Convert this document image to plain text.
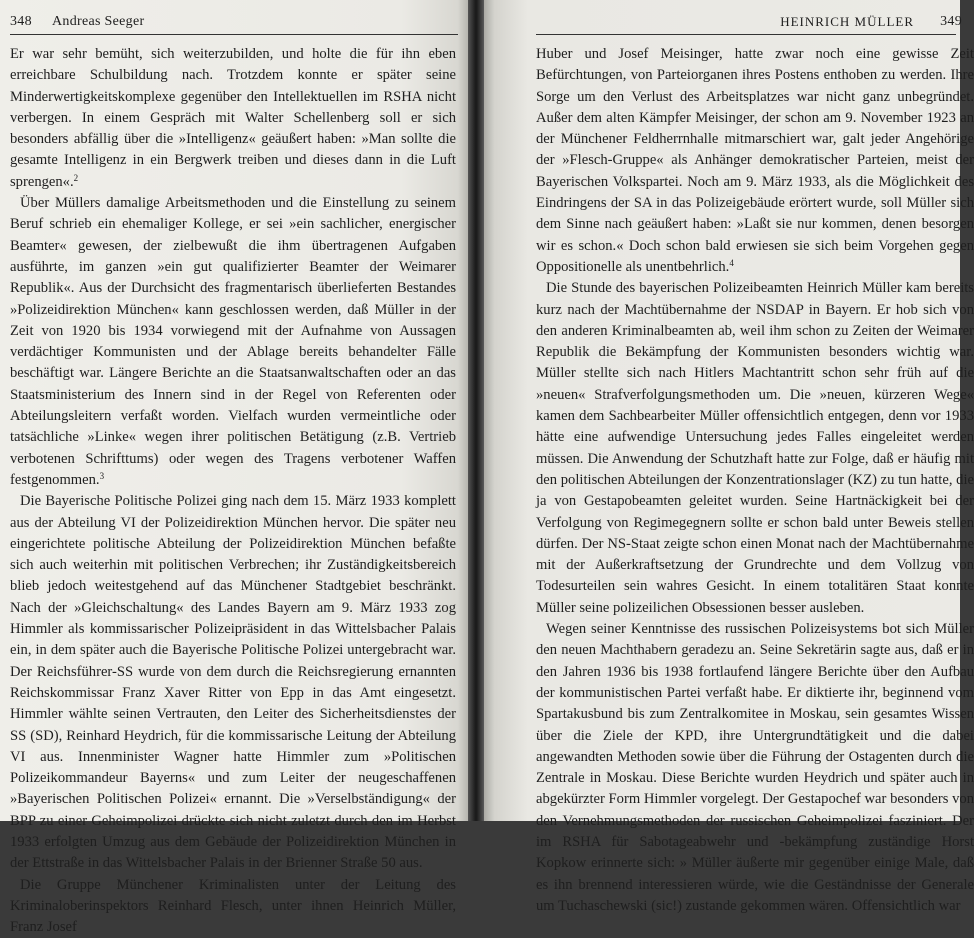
348 Andreas Seeger

Er war sehr bemüht, sich weiterzubilden, und holte die für ihn eben erreichbare Schulbildung nach. Trotzdem konnte er später seine Minderwertigkeitskomplexe gegenüber den Intellektuellen im RSHA nicht verbergen. In einem Gespräch mit Walter Schellenberg soll er sich besonders abfällig über die »Intelligenz« geäußert haben: »Man sollte die gesamte Intelligenz in ein Bergwerk treiben und dieses dann in die Luft sprengen«.$^2$

Über Müllers damalige Arbeitsmethoden und die Einstellung zu seinem Beruf schrieb ein ehemaliger Kollege, er sei »ein sachlicher, energischer Beamter« gewesen, der zielbewußt die ihm übertragenen Aufgaben ausführte, im ganzen »ein gut qualifizierter Beamter der Weimarer Republik«. Aus der Durchsicht des fragmentarisch überlieferten Bestandes »Polizeidirektion München« kann geschlossen werden, daß Müller in der Zeit von 1920 bis 1934 vorwiegend mit der Aufnahme von Aussagen verdächtiger Kommunisten und der Ablage bereits behandelter Fälle beschäftigt war. Längere Berichte an die Staatsanwaltschaften oder an das Staatsministerium des Innern sind in der Regel von Referenten oder Abteilungsleitern verfaßt worden. Vielfach wurden vermeintliche oder tatsächliche »Linke« wegen ihrer politischen Betätigung (z.B. Vertrieb verbotenen Schrifttums) oder wegen des Tragens verbotener Waffen festgenommen.$^3$

Die Bayerische Politische Polizei ging nach dem 15. März 1933 komplett aus der Abteilung VI der Polizeidirektion München hervor. Die später neu eingerichtete politische Abteilung der Polizeidirektion München befaßte sich auch weiterhin mit politischen Verbrechen; ihr Zuständigkeitsbereich blieb jedoch weitestgehend auf das Münchener Stadtgebiet beschränkt. Nach der »Gleichschaltung« des Landes Bayern am 9. März 1933 zog Himmler als kommissarischer Polizeipräsident in das Wittelsbacher Palais ein, in dem später auch die Bayerische Politische Polizei untergebracht war. Der Reichsführer-SS wurde von dem durch die Reichsregierung ernannten Reichskommissar Franz Xaver Ritter von Epp in das Amt eingesetzt. Himmler wählte seinen Vertrauten, den Leiter des Sicherheitsdienstes der SS (SD), Reinhard Heydrich, für die kommissarische Leitung der Abteilung VI aus. Innenminister Wagner hatte Himmler zum »Politischen Polizeikommandeur Bayerns« und zum Leiter der neugeschaffenen »Bayerischen Politischen Polizei« ernannt. Die »Verselbständigung« der BPP zu einer Geheimpolizei drückte sich nicht zuletzt durch den im Herbst 1933 erfolgten Umzug aus dem Gebäude der Polizeidirektion München in der Ettstraße in das Wittelsbacher Palais in der Brienner Straße 50 aus.

Die Gruppe Münchener Kriminalisten unter der Leitung des Kriminaloberinspektors Reinhard Flesch, unter ihnen Heinrich Müller, Franz Josef

HEINRICH MÜLLER 349

Huber und Josef Meisinger, hatte zwar noch eine gewisse Zeit Befürchtungen, von Parteiorganen ihres Postens enthoben zu werden. Ihre Sorge um den Verlust des Arbeitsplatzes war nicht ganz unbegründet. Außer dem alten Kämpfer Meisinger, der schon am 9. November 1923 an der Münchener Feldherrnhalle mitmarschiert war, galt jeder Angehörige der »Flesch-Gruppe« als Anhänger demokratischer Parteien, meist der Bayerischen Volkspartei. Noch am 9. März 1933, als die Möglichkeit des Eindringens der SA in das Polizeigebäude erörtert wurde, soll Müller sich dem Sinne nach geäußert haben: »Laßt sie nur kommen, denen besorgen wir es schon.« Doch schon bald erwiesen sie sich beim Vorgehen gegen Oppositionelle als unentbehrlich.$^4$

Die Stunde des bayerischen Polizeibeamten Heinrich Müller kam bereits kurz nach der Machtübernahme der NSDAP in Bayern. Er hob sich von den anderen Kriminalbeamten ab, weil ihm schon zu Zeiten der Weimarer Republik die Bekämpfung der Kommunisten besonders wichtig war. Müller stellte sich nach Hitlers Machtantritt schon sehr früh auf die »neuen« Strafverfolgungsmethoden um. Die »neuen, kürzeren Wege« kamen dem Sachbearbeiter Müller offensichtlich entgegen, denn vor 1933 hätte eine aufwendige Untersuchung jedes Falles eingeleitet werden müssen. Die Anwendung der Schutzhaft hatte zur Folge, daß er häufig mit den politischen Abteilungen der Konzentrationslager (KZ) zu tun hatte, die ja von Gestapobeamten geleitet wurden. Seine Hartnäckigkeit bei der Verfolgung von Regimegegnern sollte er schon bald unter Beweis stellen dürfen. Der NS-Staat zeigte schon einen Monat nach der Machtübernahme mit der Außerkraftsetzung der Grundrechte und dem Vollzug von Todesurteilen sein wahres Gesicht. In einem totalitären Staat konnte Müller seine polizeilichen Obsessionen besser ausleben.

Wegen seiner Kenntnisse des russischen Polizeisystems bot sich Müller den neuen Machthabern geradezu an. Seine Sekretärin sagte aus, daß er in den Jahren 1936 bis 1938 fortlaufend längere Berichte über den Aufbau der kommunistischen Partei verfaßt habe. Er diktierte ihr, beginnend vom Spartakusbund bis zum Zentralkomitee in Moskau, sein gesamtes Wissen über die Ziele der KPD, ihre Untergrundtätigkeit und die dabei angewandten Methoden sowie über die Führung der Ostagenten durch die Zentrale in Moskau. Diese Berichte wurden Heydrich und später auch in abgekürzter Form Himmler vorgelegt. Der Gestapochef war besonders von den Vernehmungsmethoden der russischen Geheimpolizei fasziniert. Der im RSHA für Sabotageabwehr und -bekämpfung zuständige Horst Kopkow erinnerte sich: » Müller äußerte mir gegenüber einige Male, daß es ihn brennend interessieren würde, wie die Geständnisse der Generale um Tuchaschewski (sic!) zustande gekommen wären. Offensichtlich war
